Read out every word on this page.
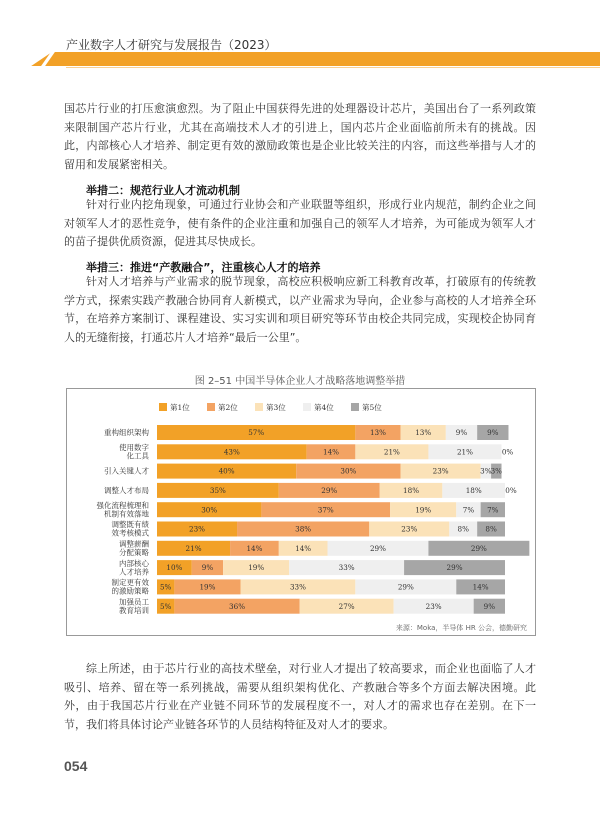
产业数字人才研究与发展报告（2023）

国芯片行业的打压愈演愈烈。为了阻止中国获得先进的处理器设计芯片，美国出台了一系列政策来限制国产芯片行业，尤其在高端技术人才的引进上，国内芯片企业面临前所未有的挑战。因此，内部核心人才培养、制定更有效的激励政策也是企业比较关注的内容，而这些举措与人才的留用和发展紧密相关。

举措二：规范行业人才流动机制

针对行业内挖角现象，可通过行业协会和产业联盟等组织，形成行业内规范，制约企业之间对领军人才的恶性竞争，使有条件的企业注重和加强自己的领军人才培养，为可能成为领军人才的苗子提供优质资源，促进其尽快成长。

举措三：推进“产教融合”，注重核心人才的培养

针对人才培养与产业需求的脱节现象，高校应积极响应新工科教育改革，打破原有的传统教学方式，探索实践产教融合协同育人新模式，以产业需求为导向，企业参与高校的人才培养全环节，在培养方案制订、课程建设、实习实训和项目研究等环节由校企共同完成，实现校企协同育人的无缝衔接，打通芯片人才培养“最后一公里”。

图 2–51 中国半导体企业人才战略落地调整举措
第1位	第2位	第3位	第4位	第5位
重构组织架构	57%	13%	13%	9%	9%
使用数字化工具	43%	14%	21%	21%	0%
引入关键人才	40%	30%	23%	3% 3%
调整人才布局	35%	29%	18%	18%	0%
强化流程梳理和机制有效落地	30%	37%	19%	7% 7%
调整既有绩效考核模式	23%	38%	23%	8% 8%
调整薪酬分配策略	21%	14%	14%	29%	29%
内部核心人才培养 10%	9%	19%	33%	29%
制定更有效的激励策略 5%	19%	33%	29%	14%
加强员工教育培训 5%	36%	27%	23%	9%
来源：Moka，半导体 HR 公会，德勤研究

综上所述，由于芯片行业的高技术壁垒，对行业人才提出了较高要求，而企业也面临了人才吸引、培养、留在等一系列挑战，需要从组织架构优化、产教融合等多个方面去解决困境。此外，由于我国芯片行业在产业链不同环节的发展程度不一，对人才的需求也存在差别。在下一节，我们将具体讨论产业链各环节的人员结构特征及对人才的要求。

054
